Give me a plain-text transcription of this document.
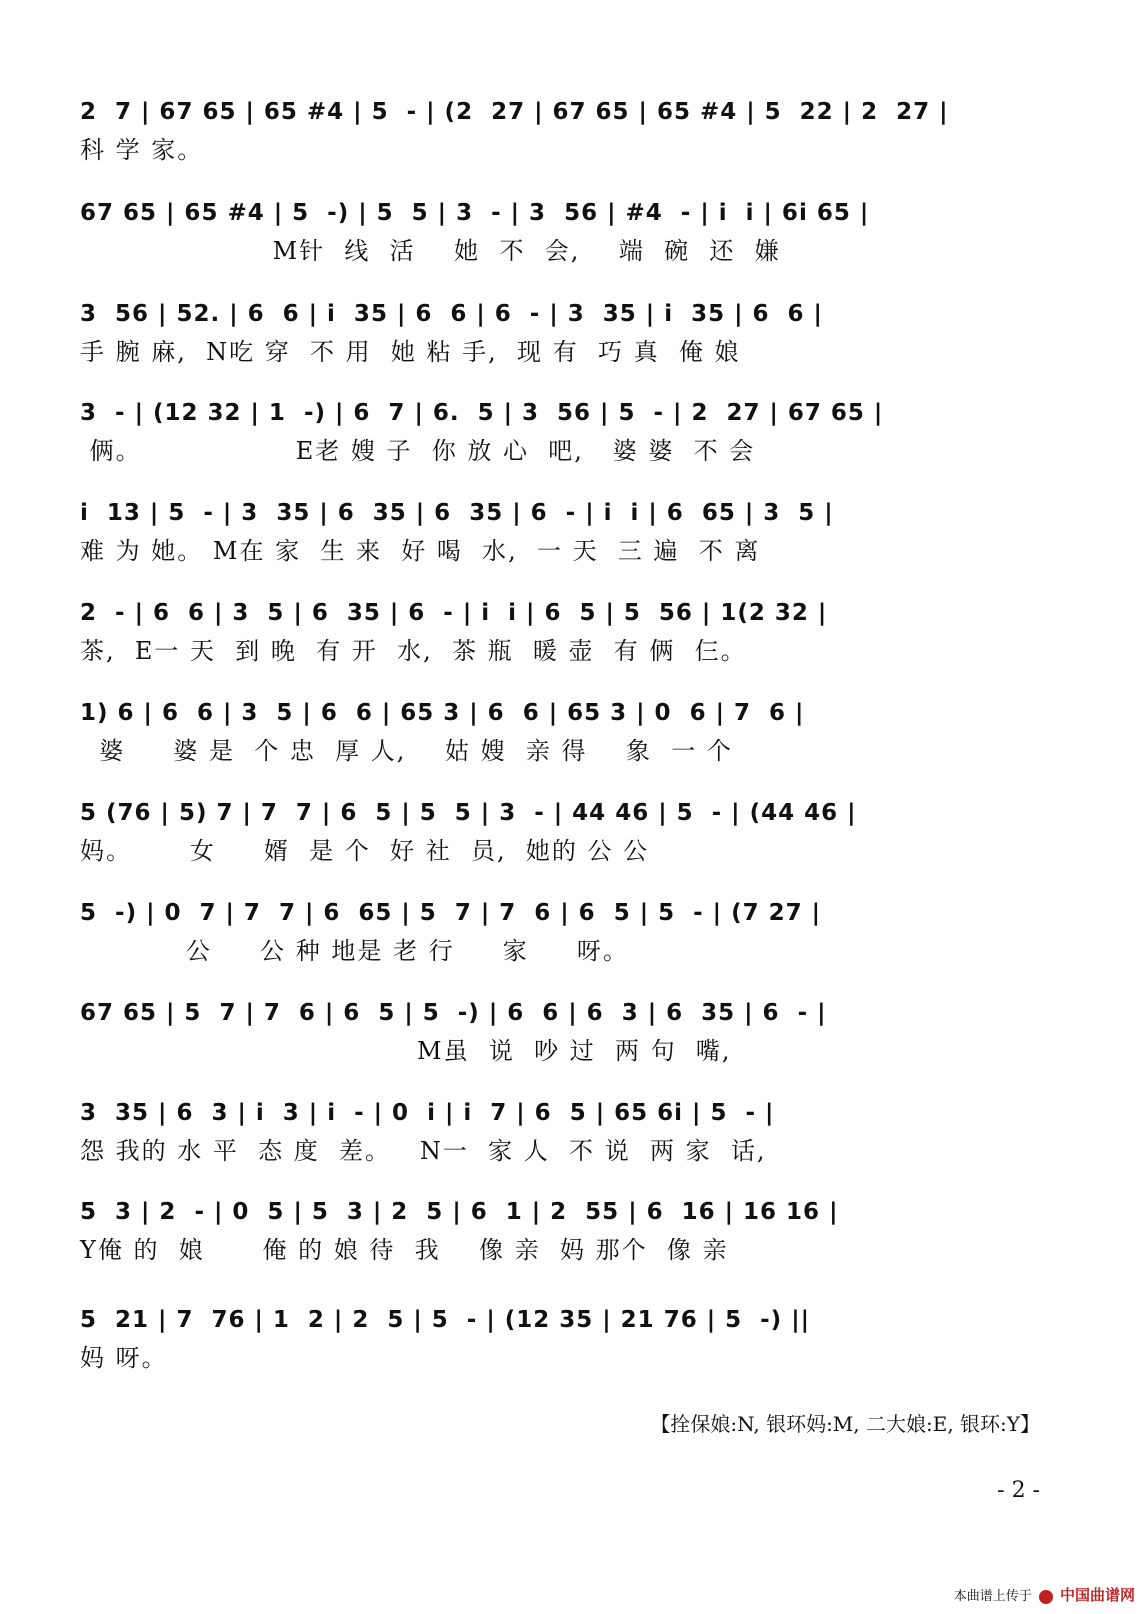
2  7 | 67 65 | 65 #4 | 5  - | (2  27 | 67 65 | 65 #4 | 5  22 | 2  27 |
科 学 家。
67 65 | 65 #4 | 5  -) | 5  5 | 3  - | 3  56 | #4  - | i  i | 6i 65 |
M针  线  活    她  不  会,    端  碗  还  嫌
3  56 | 52. | 6  6 | i  35 | 6  6 | 6  - | 3  35 | i  35 | 6  6 |
手 腕 麻,  N吃 穿  不 用  她 粘 手,  现 有  巧 真  俺 娘
3  - | (12 32 | 1  -) | 6  7 | 6.  5 | 3  56 | 5  - | 2  27 | 67 65 |
俩。                E老 嫂 子  你 放 心  吧,   婆 婆  不 会
i  13 | 5  - | 3  35 | 6  35 | 6  35 | 6  - | i  i | 6  65 | 3  5 |
难 为 她。 M在 家  生 来  好 喝  水,  一 天  三 遍  不 离
2  - | 6  6 | 3  5 | 6  35 | 6  - | i  i | 6  5 | 5  56 | 1(2 32 |
茶,  E一 天  到 晚  有 开  水,  茶 瓶  暖 壶  有 俩  仨。
1) 6 | 6  6 | 3  5 | 6  6 | 65 3 | 6  6 | 65 3 | 0  6 | 7  6 |
婆     婆 是  个 忠  厚 人,    姑 嫂  亲 得    象  一 个
5 (76 | 5) 7 | 7  7 | 6  5 | 5  5 | 3  - | 44 46 | 5  - | (44 46 |
妈。      女     婿  是 个  好 社  员,  她的 公 公
5  -) | 0  7 | 7  7 | 6  65 | 5  7 | 7  6 | 6  5 | 5  - | (7 27 |
公     公 种 地是 老 行     家     呀。
67 65 | 5  7 | 7  6 | 6  5 | 5  -) | 6  6 | 6  3 | 6  35 | 6  - |
M虽  说  吵 过  两 句  嘴,
3  35 | 6  3 | i  3 | i  - | 0  i | i  7 | 6  5 | 65 6i | 5  - |
怨 我的 水 平  态 度  差。   N一  家 人  不 说  两 家  话,
5  3 | 2  - | 0  5 | 5  3 | 2  5 | 6  1 | 2  55 | 6  16 | 16 16 |
Y俺 的  娘      俺 的 娘 待  我    像 亲  妈 那个  像 亲
5  21 | 7  76 | 1  2 | 2  5 | 5  - | (12 35 | 21 76 | 5  -) ||
妈 呀。
【拴保娘:N, 银环妈:M, 二大娘:E, 银环:Y】
- 2 -
本曲谱上传于 中国曲谱网
